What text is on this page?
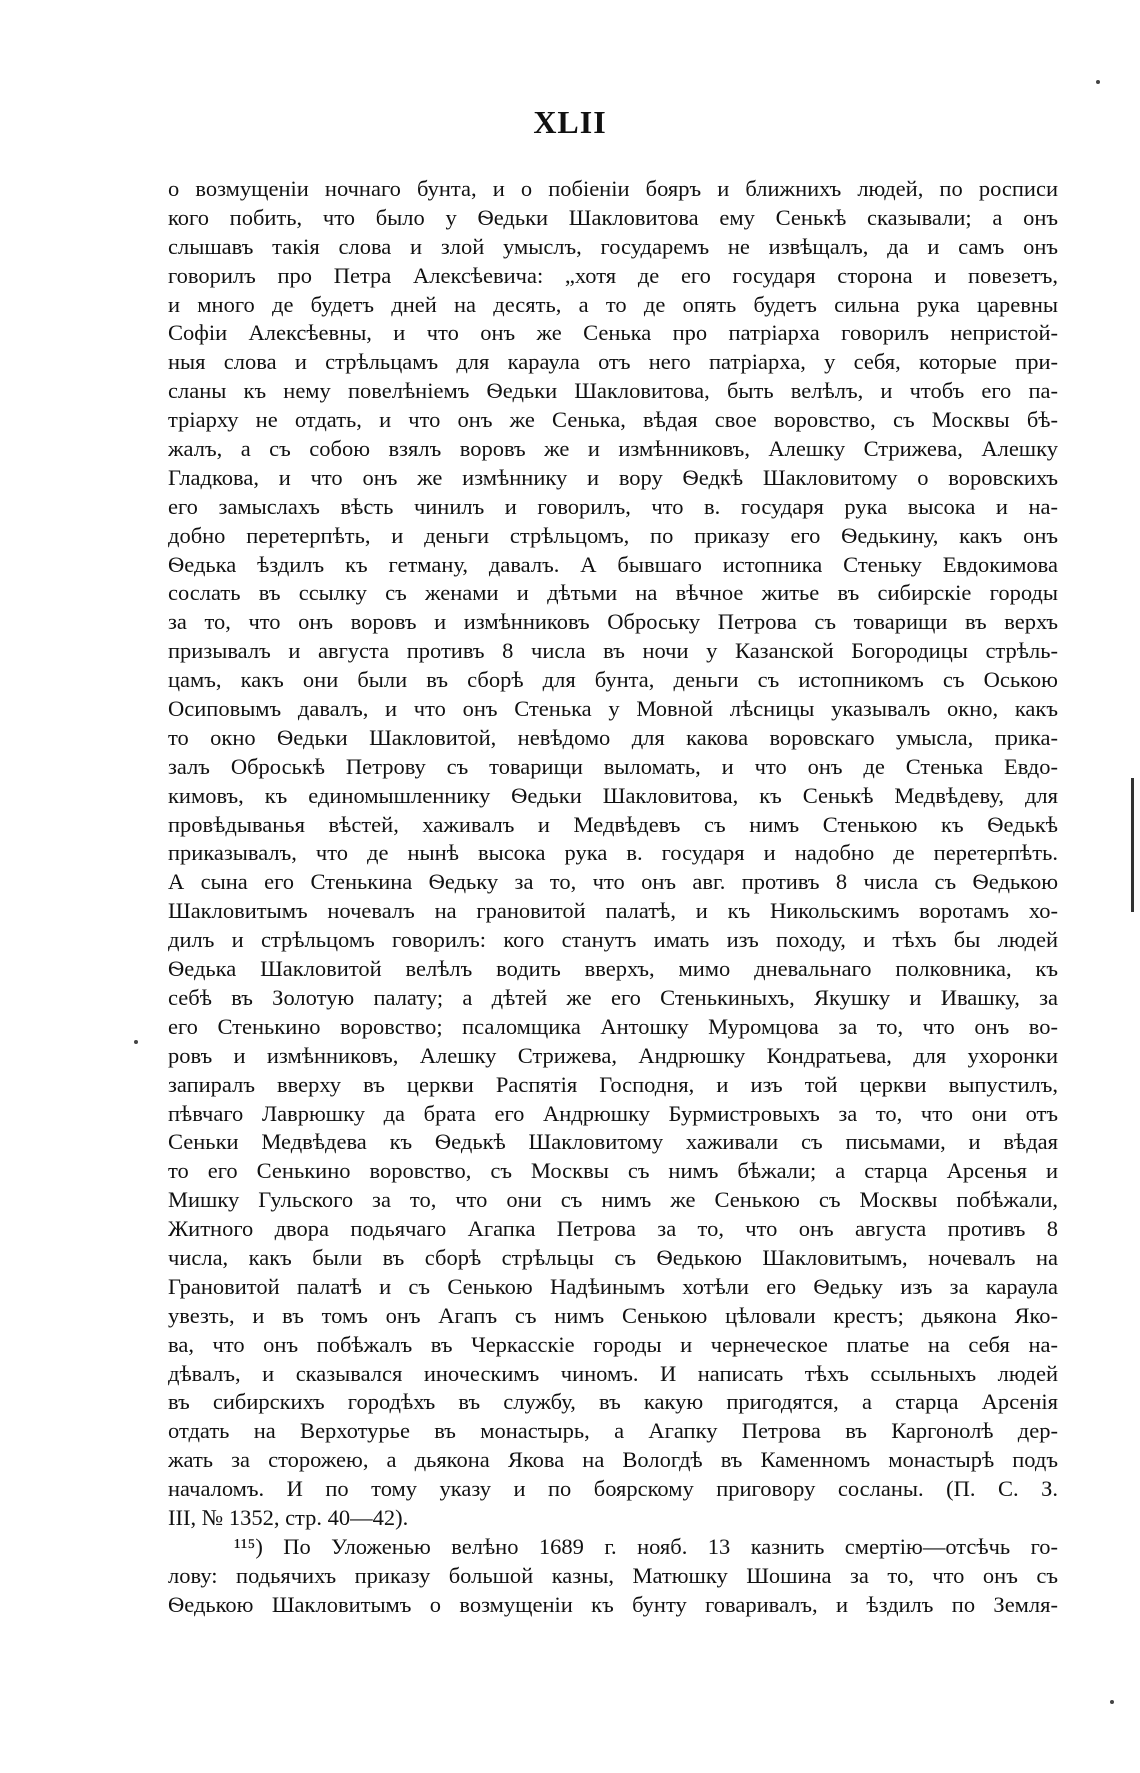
XLII
о возмущеніи ночнаго бунта, и о побіеніи бояръ и ближнихъ людей, по росписи
кого побить, что было у Ѳедьки Шакловитова ему Сенькѣ сказывали; а онъ
слышавъ такія слова и злой умыслъ, государемъ не извѣщалъ, да и самъ онъ
говорилъ про Петра Алексѣевича: „хотя де его государя сторона и повезетъ,
и много де будетъ дней на десять, а то де опять будетъ сильна рука царевны
Софіи Алексѣевны, и что онъ же Сенька про патріарха говорилъ непристой-
ныя слова и стрѣльцамъ для караула отъ него патріарха, у себя, которые при-
сланы къ нему повелѣніемъ Ѳедьки Шакловитова, быть велѣлъ, и чтобъ его па-
тріарху не отдать, и что онъ же Сенька, вѣдая свое воровство, съ Москвы бѣ-
жалъ, а съ собою взялъ воровъ же и измѣнниковъ, Алешку Стрижева, Алешку
Гладкова, и что онъ же измѣннику и вору Ѳедкѣ Шакловитому о воровскихъ
его замыслахъ вѣсть чинилъ и говорилъ, что в. государя рука высока и на-
добно перетерпѣть, и деньги стрѣльцомъ, по приказу его Ѳедькину, какъ онъ
Ѳедька ѣздилъ къ гетману, давалъ. А бывшаго истопника Стеньку Евдокимова
сослать въ ссылку съ женами и дѣтьми на вѣчное житье въ сибирскіе городы
за то, что онъ воровъ и измѣнниковъ Оброську Петрова съ товарищи въ верхъ
призывалъ и августа противъ 8 числа въ ночи у Казанской Богородицы стрѣль-
цамъ, какъ они были въ сборѣ для бунта, деньги съ истопникомъ съ Оською
Осиповымъ давалъ, и что онъ Стенька у Мовной лѣсницы указывалъ окно, какъ
то окно Ѳедьки Шакловитой, невѣдомо для какова воровскаго умысла, прика-
залъ Оброськѣ Петрову съ товарищи выломать, и что онъ де Стенька Евдо-
кимовъ, къ единомышленнику Ѳедьки Шакловитова, къ Сенькѣ Медвѣдеву, для
провѣдыванья вѣстей, хаживалъ и Медвѣдевъ съ нимъ Стенькою къ Ѳедькѣ
приказывалъ, что де нынѣ высока рука в. государя и надобно де перетерпѣть.
А сына его Стенькина Ѳедьку за то, что онъ авг. противъ 8 числа съ Ѳедькою
Шакловитымъ ночевалъ на грановитой палатѣ, и къ Никольскимъ воротамъ хо-
дилъ и стрѣльцомъ говорилъ: кого станутъ имать изъ походу, и тѣхъ бы людей
Ѳедька Шакловитой велѣлъ водить вверхъ, мимо дневальнаго полковника, къ
себѣ въ Золотую палату; а дѣтей же его Стенькиныхъ, Якушку и Ивашку, за
его Стенькино воровство; псаломщика Антошку Муромцова за то, что онъ во-
ровъ и измѣнниковъ, Алешку Стрижева, Андрюшку Кондратьева, для ухоронки
запиралъ вверху въ церкви Распятія Господня, и изъ той церкви выпустилъ,
пѣвчаго Лаврюшку да брата его Андрюшку Бурмистровыхъ за то, что они отъ
Сеньки Медвѣдева къ Ѳедькѣ Шакловитому хаживали съ письмами, и вѣдая
то его Сенькино воровство, съ Москвы съ нимъ бѣжали; а старца Арсенья и
Мишку Гульского за то, что они съ нимъ же Сенькою съ Москвы побѣжали,
Житного двора подьячаго Агапка Петрова за то, что онъ августа противъ 8
числа, какъ были въ сборѣ стрѣльцы съ Ѳедькою Шакловитымъ, ночевалъ на
Грановитой палатѣ и съ Сенькою Надѣинымъ хотѣли его Ѳедьку изъ за караула
увезть, и въ томъ онъ Агапъ съ нимъ Сенькою цѣловали крестъ; дьякона Яко-
ва, что онъ побѣжалъ въ Черкасскіе городы и чернеческое платье на себя на-
дѣвалъ, и сказывался иноческимъ чиномъ. И написать тѣхъ ссыльныхъ людей
въ сибирскихъ городѣхъ въ службу, въ какую пригодятся, а старца Арсенія
отдать на Верхотурье въ монастырь, а Агапку Петрова въ Каргонолѣ дер-
жать за сторожею, а дьякона Якова на Вологдѣ въ Каменномъ монастырѣ подъ
началомъ. И по тому указу и по боярскому приговору сосланы. (П. С. З.
III, № 1352, стр. 40—42).
¹¹⁵) По Уложенью велѣно 1689 г. нояб. 13 казнить смертію—отсѣчь го-
лову: подьячихъ приказу большой казны, Матюшку Шошина за то, что онъ съ
Ѳедькою Шакловитымъ о возмущеніи къ бунту говаривалъ, и ѣздилъ по Земля-
